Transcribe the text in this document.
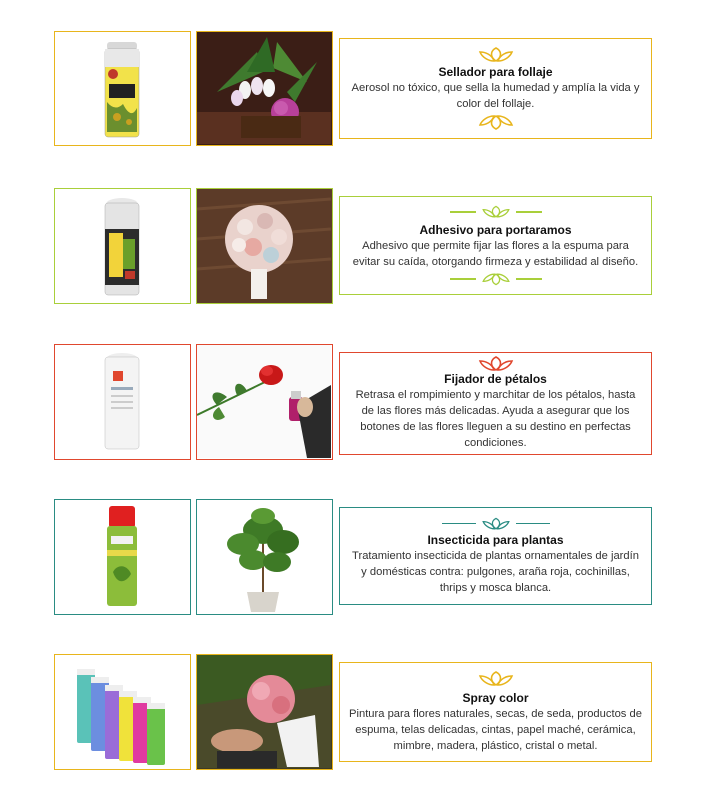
Sellador para follaje
Aerosol no tóxico, que sella la humedad y amplía la vida y color del follaje.
Adhesivo para portaramos
Adhesivo que permite fijar las flores a la espuma para evitar su caída, otorgando firmeza y estabilidad al diseño.
Fijador de pétalos
Retrasa el rompimiento y marchitar de los pétalos, hasta de las flores más delicadas. Ayuda a asegurar que los botones de las flores lleguen a su destino en perfectas condiciones.
Insecticida para plantas
Tratamiento insecticida de plantas ornamentales de jardín y domésticas contra: pulgones, araña roja, cochinillas, thrips y mosca blanca.
Spray color
Pintura para flores naturales, secas, de seda, productos de espuma, telas delicadas, cintas, papel maché, cerámica, mimbre, madera, plástico, cristal o metal.
